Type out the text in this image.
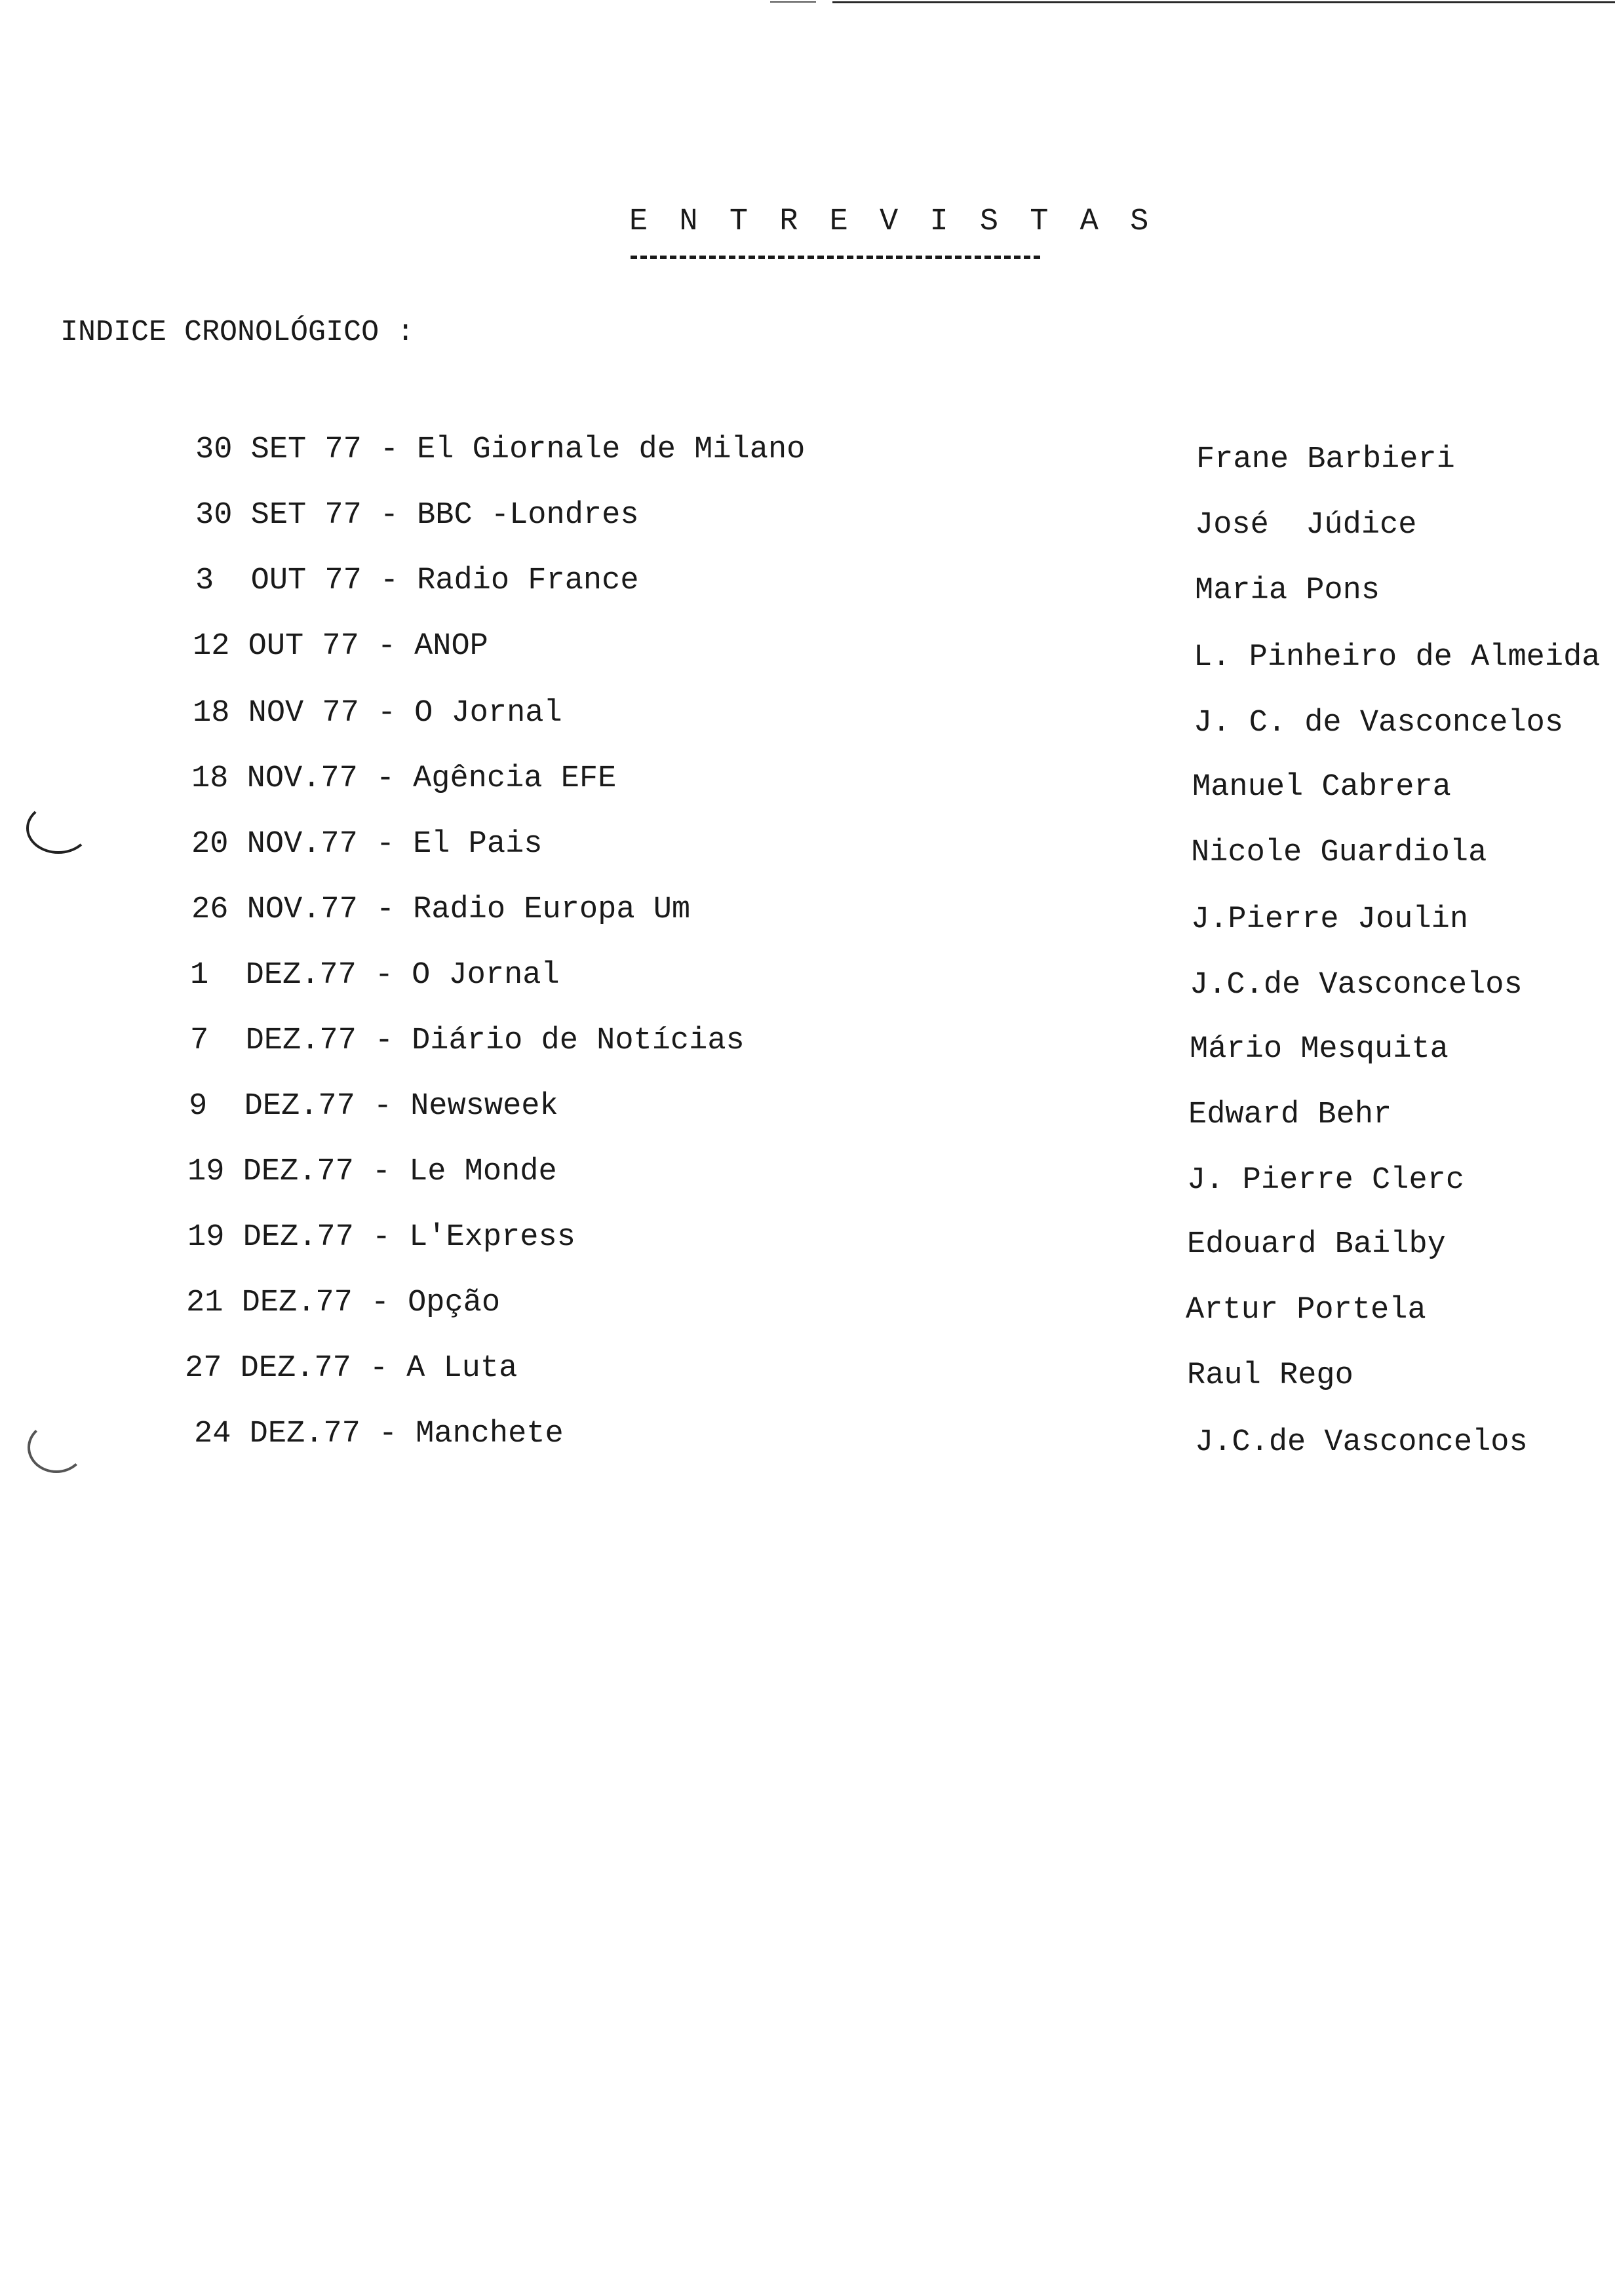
E N T R E V I S T A S
INDICE CRONOLÓGICO :
30 SET 77 - El Giornale de Milano	Frane Barbieri
30 SET 77 - BBC -Londres	José  Júdice
3  OUT 77 - Radio France	Maria Pons
12 OUT 77 - ANOP	L. Pinheiro de Almeida
18 NOV 77 - O Jornal	J. C. de Vasconcelos
18 NOV.77 - Agência EFE	Manuel Cabrera
20 NOV.77 - El Pais	Nicole Guardiola
26 NOV.77 - Radio Europa Um	J.Pierre Joulin
1  DEZ.77 - O Jornal	J.C.de Vasconcelos
7  DEZ.77 - Diário de Notícias	Mário Mesquita
9  DEZ.77 - Newsweek	Edward Behr
19 DEZ.77 - Le Monde	J. Pierre Clerc
19 DEZ.77 - L'Express	Edouard Bailby
21 DEZ.77 - Opção	Artur Portela
27 DEZ.77 - A Luta	Raul Rego
24 DEZ.77 - Manchete	J.C.de Vasconcelos
